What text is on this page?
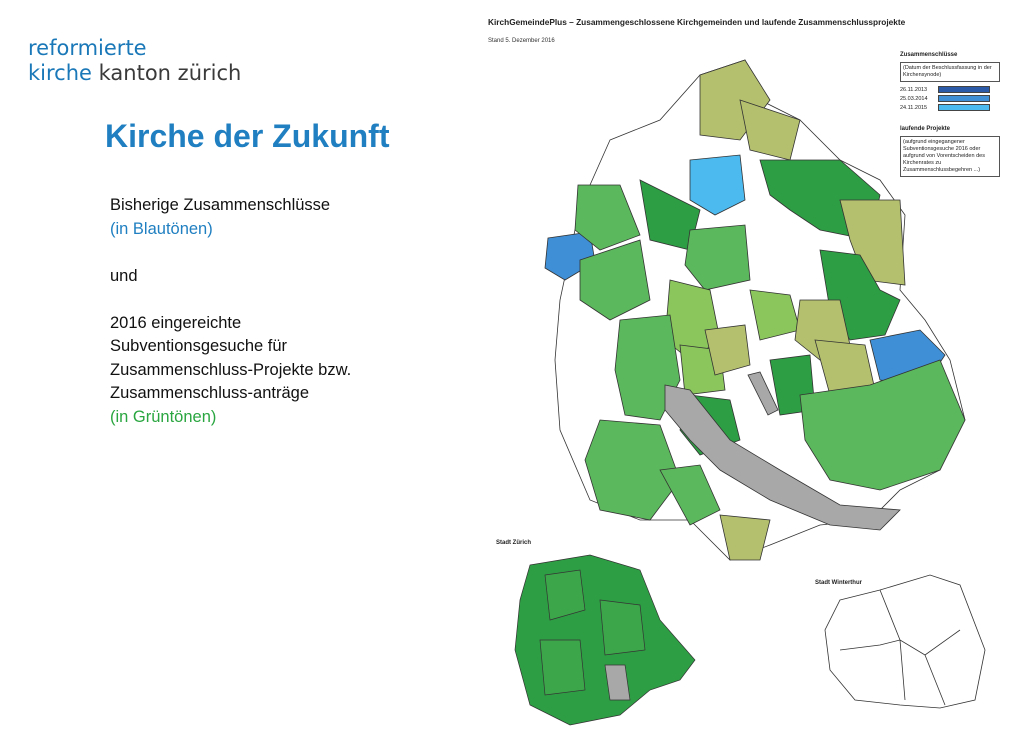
reformierte
kirche kanton zürich
Kirche der Zukunft
Bisherige Zusammenschlüsse
(in Blautönen)
und
2016 eingereichte
Subventionsgesuche für
Zusammenschluss-Projekte bzw.
Zusammenschluss-anträge
(in Grüntönen)
KirchGemeindePlus – Zusammengeschlossene Kirchgemeinden und laufende Zusammenschlussprojekte
Stand 5. Dezember 2016
Zusammenschlüsse
(Datum der Beschlussfassung in der Kirchensynode)
26.11.2013
25.03.2014
24.11.2015
laufende Projekte
(aufgrund eingegangener Subventionsgesuche 2016 oder aufgrund von Vorentscheiden des Kirchenrates zu Zusammenschlussbegehren ...)
Stadt Zürich
Stadt Winterthur
